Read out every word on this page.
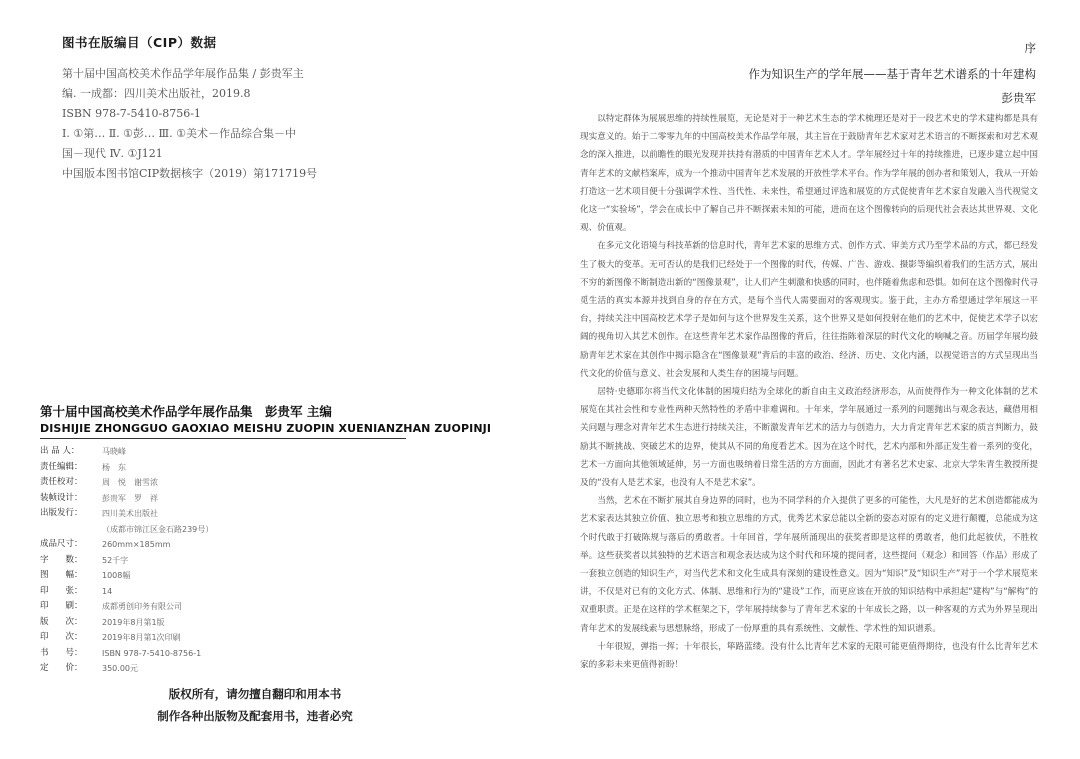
图书在版编目（CIP）数据
第十届中国高校美术作品学年展作品集 / 彭贵军主
编. 一成都：四川美术出版社，2019.8
ISBN 978-7-5410-8756-1
Ⅰ. ①第… Ⅱ. ①彭… Ⅲ. ①美术－作品综合集－中
国－现代 Ⅳ. ①J121
中国版本图书馆CIP数据核字（2019）第171719号
第十届中国高校美术作品学年展作品集　彭贵军 主编
DISHIJIE ZHONGGUO GAOXIAO MEISHU ZUOPIN XUENIANZHAN ZUOPINJI
出 品 人：	马晓峰
责任编辑：	杨　东
责任校对：	周　悦　谢雪浓
装帧设计：	彭贵军　罗　祥
出版发行：	四川美术出版社
（成都市锦江区金石路239号）
成品尺寸：	260mm×185mm
字　　数：	52千字
图　　幅：	1008幅
印　　张：	14
印　　刷：	成都勇创印务有限公司
版　　次：	2019年8月第1版
印　　次：	2019年8月第1次印刷
书　　号：	ISBN 978-7-5410-8756-1
定　　价：	350.00元
版权所有，请勿擅自翻印和用本书
制作各种出版物及配套用书，违者必究
序
作为知识生产的学年展——基于青年艺术谱系的十年建构
彭贵军

以特定群体为展展思维的持续性展览，无论是对于一种艺术生态的学术梳理还是对于一段艺术史的学术建构都是具有现实意义的。始于二零零九年的中国高校美术作品学年展，其主旨在于鼓励青年艺术家对艺术语言的不断探索和对艺术观念的深入推进，以前瞻性的眼光发现并扶持有潜质的中国青年艺术人才。学年展经过十年的持续推进，已逐步建立起中国青年艺术的文献档案库，成为一个推动中国青年艺术发展的开放性学术平台。作为学年展的创办者和策划人，我从一开始打造这一艺术项目便十分强调学术性、当代性、未来性，希望通过评选和展览的方式促使青年艺术家自发融入当代视觉文化这一“实验场”，学会在成长中了解自己并不断探索未知的可能，进而在这个图像转向的后现代社会表达其世界观、文化观、价值观。

在多元文化语境与科技革新的信息时代，青年艺术家的思维方式、创作方式、审美方式乃至学术品的方式，都已经发生了极大的变革。无可否认的是我们已经处于一个图像的时代，传媒、广告、游戏、摄影等编织着我们的生活方式，展出不穷的新图像不断制造出新的“图像景观”，让人们产生刺激和快感的同时，也伴随着焦虑和恐惧。如何在这个图像时代寻觅生活的真实本源并找到自身的存在方式，是每个当代人需要面对的客观现实。鉴于此，主办方希望通过学年展这一平台，持续关注中国高校艺术学子是如何与这个世界发生关系，这个世界又是如何投射在他们的艺术中，促使艺术学子以宏阔的视角切入其艺术创作。在这些青年艺术家作品图像的背后，往往指陈着深层的时代文化的响喊之音。历届学年展均鼓励青年艺术家在其创作中揭示隐含在“图像景观”背后的丰富的政治、经济、历史、文化内涵，以视觉语言的方式呈现出当代文化的价值与意义、社会发展和人类生存的困境与问题。

居特·史德耶尔将当代文化体制的困境归结为全球化的新自由主义政治经济形态，从而使得作为一种文化体制的艺术展览在其社会性和专业性两种天然特性的矛盾中非难调和。十年来，学年展通过一系列的问题抛出与观念表达，藏借用相关问题与理念对青年艺术生态进行持续关注，不断激发青年艺术的活力与创造力，大力肯定青年艺术家的质言判断力，鼓励其不断挑战、突破艺术的边界，使其从不同的角度看艺术。因为在这个时代，艺术内部和外部正发生着一系列的变化，艺术一方面向其他领域延伸，另一方面也吸纳着日常生活的方方面面，因此才有著名艺术史家、北京大学朱青生教授所提及的“没有人是艺术家，也没有人不是艺术家”。

当然，艺术在不断扩展其自身边界的同时，也为不同学科的介入提供了更多的可能性，大凡是好的艺术创造都能成为艺术家表达其独立价值、独立思考和独立思维的方式，优秀艺术家总能以全新的姿态对原有的定义进行颠覆，总能成为这个时代敢于打破陈规与落后的勇敢者。十年回首，学年展所涌现出的获奖者即是这样的勇敢者，他们此起彼伏，不胜枚举。这些获奖者以其独特的艺术语言和观念表达成为这个时代和环境的提问者，这些提问（观念）和回答（作品）形成了一套独立创造的知识生产，对当代艺术和文化生成具有深刻的建设性意义。因为“知识”及“知识生产”对于一个学术展览来讲，不仅是对已有的文化方式、体制、思维和行为的“建设”工作，而更应该在开放的知识结构中承担起“建构”与“解构”的双重职责。正是在这样的学术框架之下，学年展持续参与了青年艺术家的十年成长之路，以一种客观的方式为外界呈现出青年艺术的发展线索与思想脉络，形成了一份厚重的具有系统性、文献性、学术性的知识谱系。

十年很短，弹指一挥；十年很长，筚路蓝缕。没有什么比青年艺术家的无限可能更值得期待，也没有什么比青年艺术家的多彩未来更值得祈盼！
